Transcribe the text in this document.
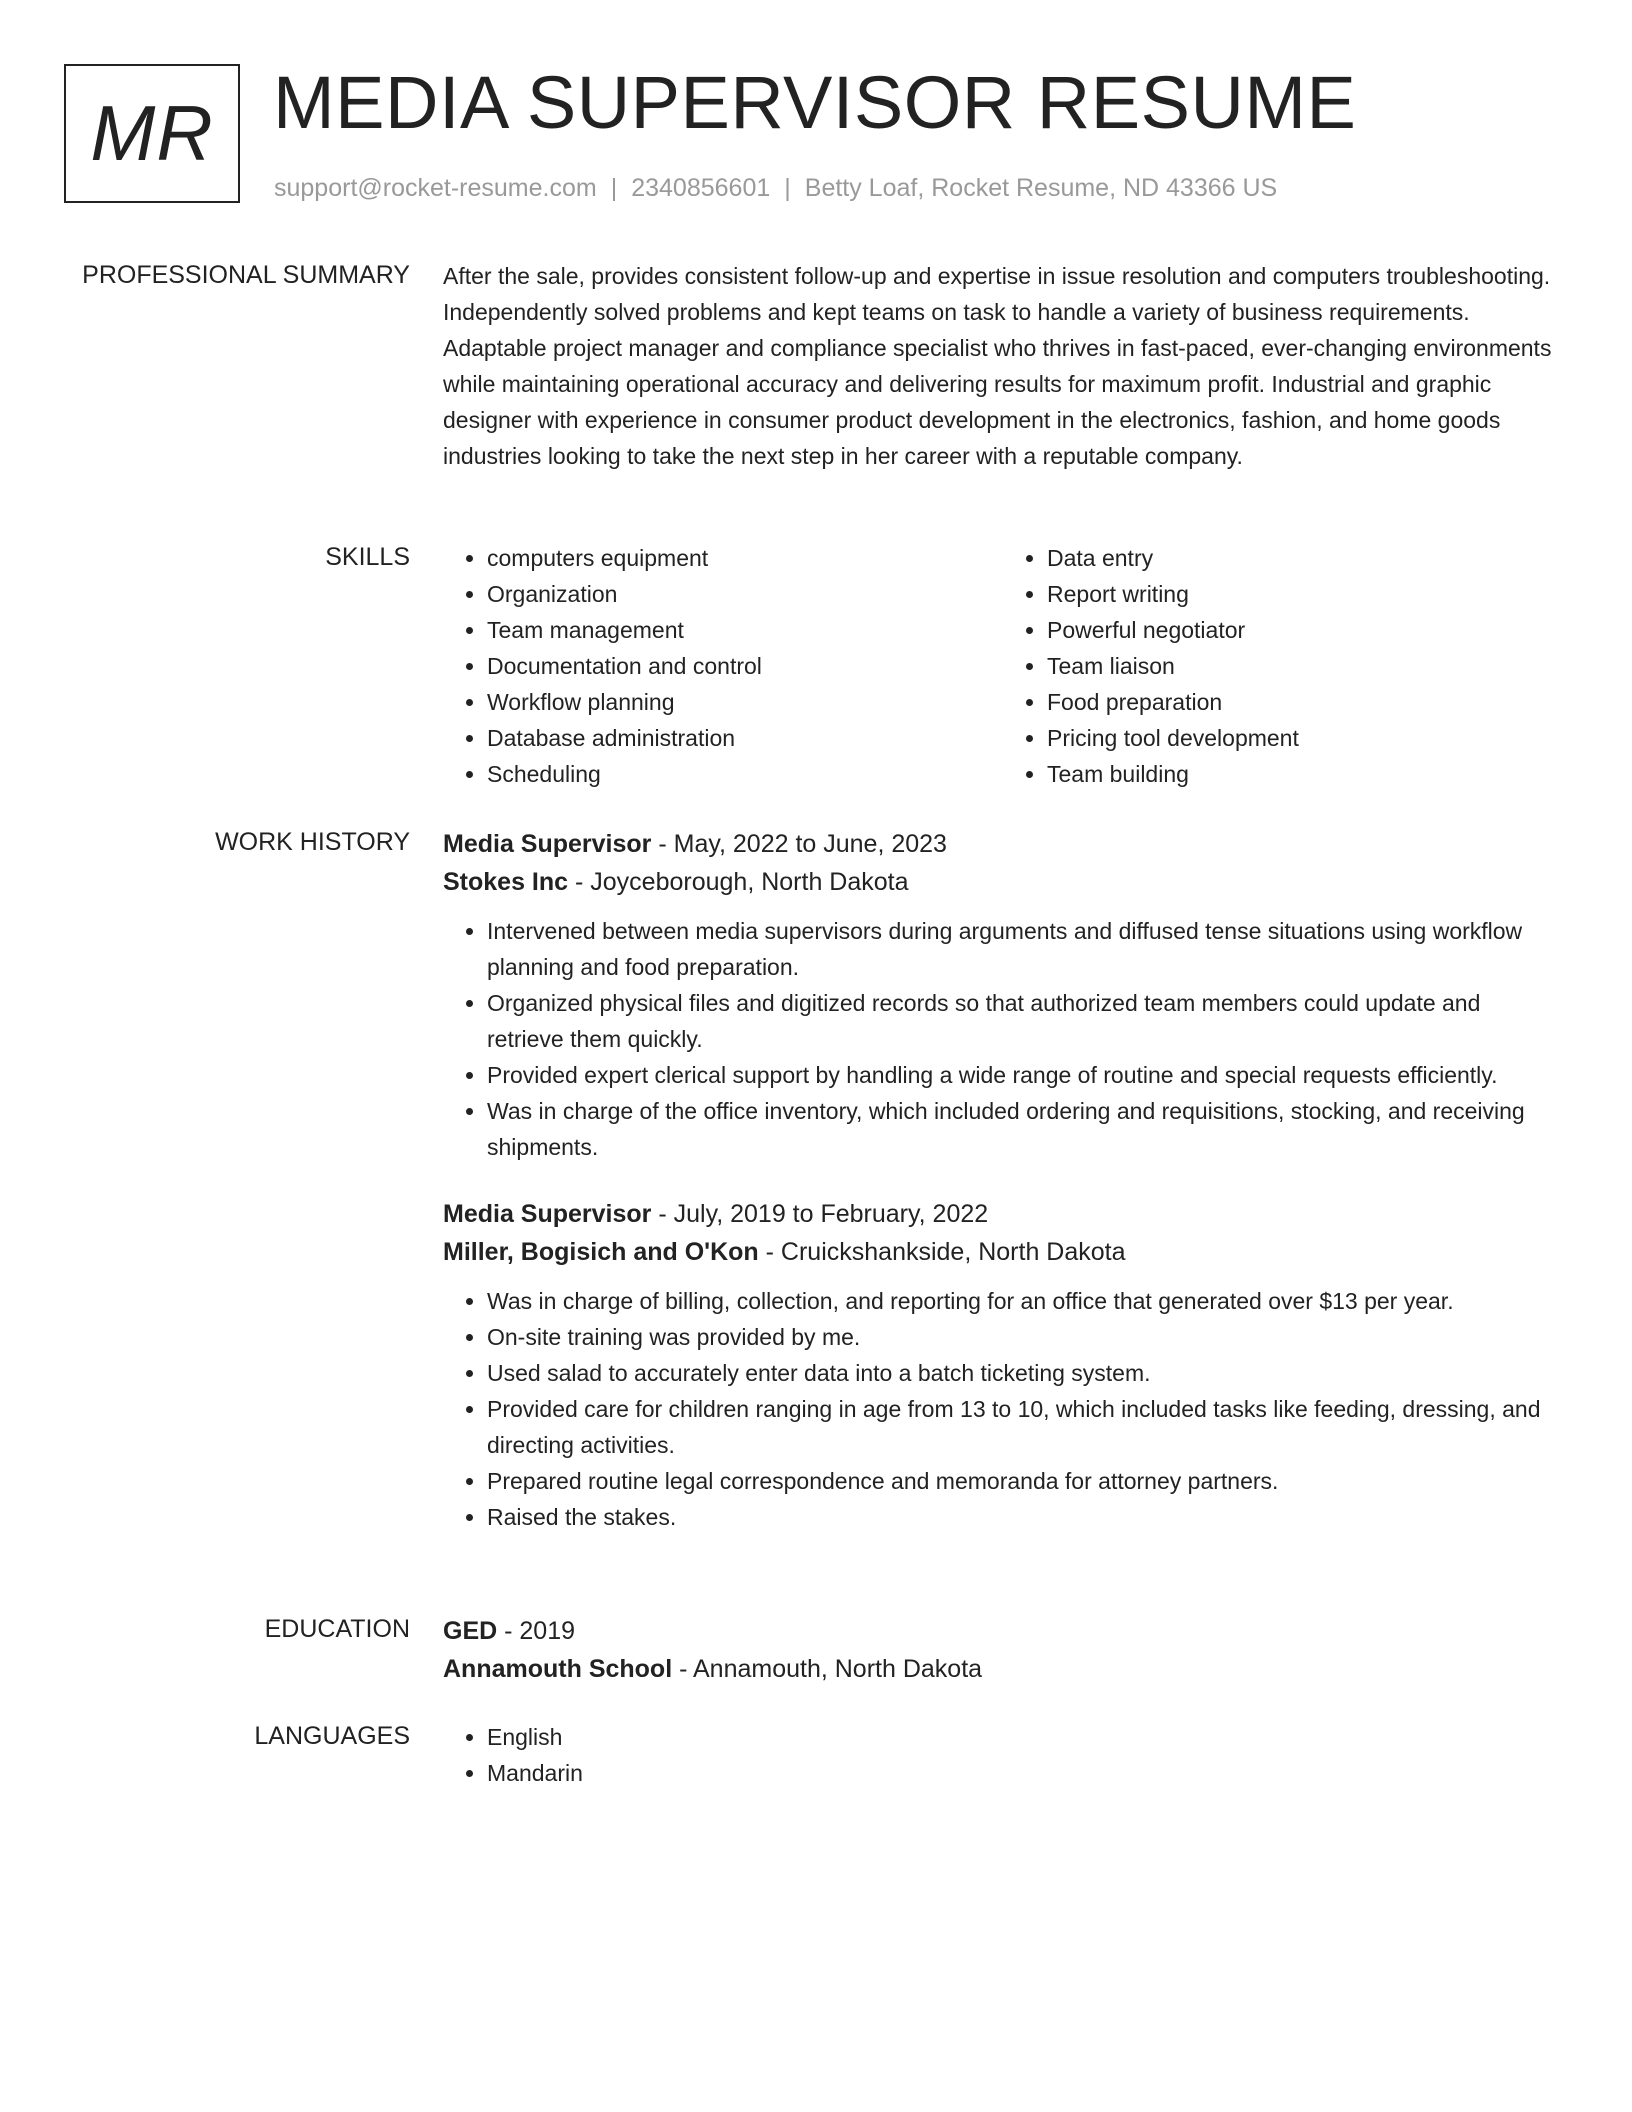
MR MEDIA SUPERVISOR RESUME
support@rocket-resume.com | 2340856601 | Betty Loaf, Rocket Resume, ND 43366 US
PROFESSIONAL SUMMARY After the sale, provides consistent follow-up and expertise in issue resolution and computers troubleshooting. Independently solved problems and kept teams on task to handle a variety of business requirements. Adaptable project manager and compliance specialist who thrives in fast-paced, ever-changing environments while maintaining operational accuracy and delivering results for maximum profit. Industrial and graphic designer with experience in consumer product development in the electronics, fashion, and home goods industries looking to take the next step in her career with a reputable company.

SKILLS	• computers equipment
• Organization
• Team management
• Documentation and control
• Workflow planning
• Database administration
• Scheduling
• Data entry
• Report writing
• Powerful negotiator
• Team liaison
• Food preparation
• Pricing tool development
• Team building
WORK HISTORY Media Supervisor - May, 2022 to June, 2023
Stokes Inc - Joyceborough, North Dakota
• Intervened between media supervisors during arguments and diffused tense situations using workflow planning and food preparation.
• Organized physical files and digitized records so that authorized team members could update and retrieve them quickly.
• Provided expert clerical support by handling a wide range of routine and special requests efficiently.
• Was in charge of the office inventory, which included ordering and requisitions, stocking, and receiving shipments.
Media Supervisor - July, 2019 to February, 2022
Miller, Bogisich and O'Kon - Cruickshankside, North Dakota
• Was in charge of billing, collection, and reporting for an office that generated over $13 per year.
• On-site training was provided by me.
• Used salad to accurately enter data into a batch ticketing system.
• Provided care for children ranging in age from 13 to 10, which included tasks like feeding, dressing, and directing activities.
• Prepared routine legal correspondence and memoranda for attorney partners.
• Raised the stakes.
EDUCATION GED - 2019
Annamouth School - Annamouth, North Dakota
LANGUAGES	• English
• Mandarin
